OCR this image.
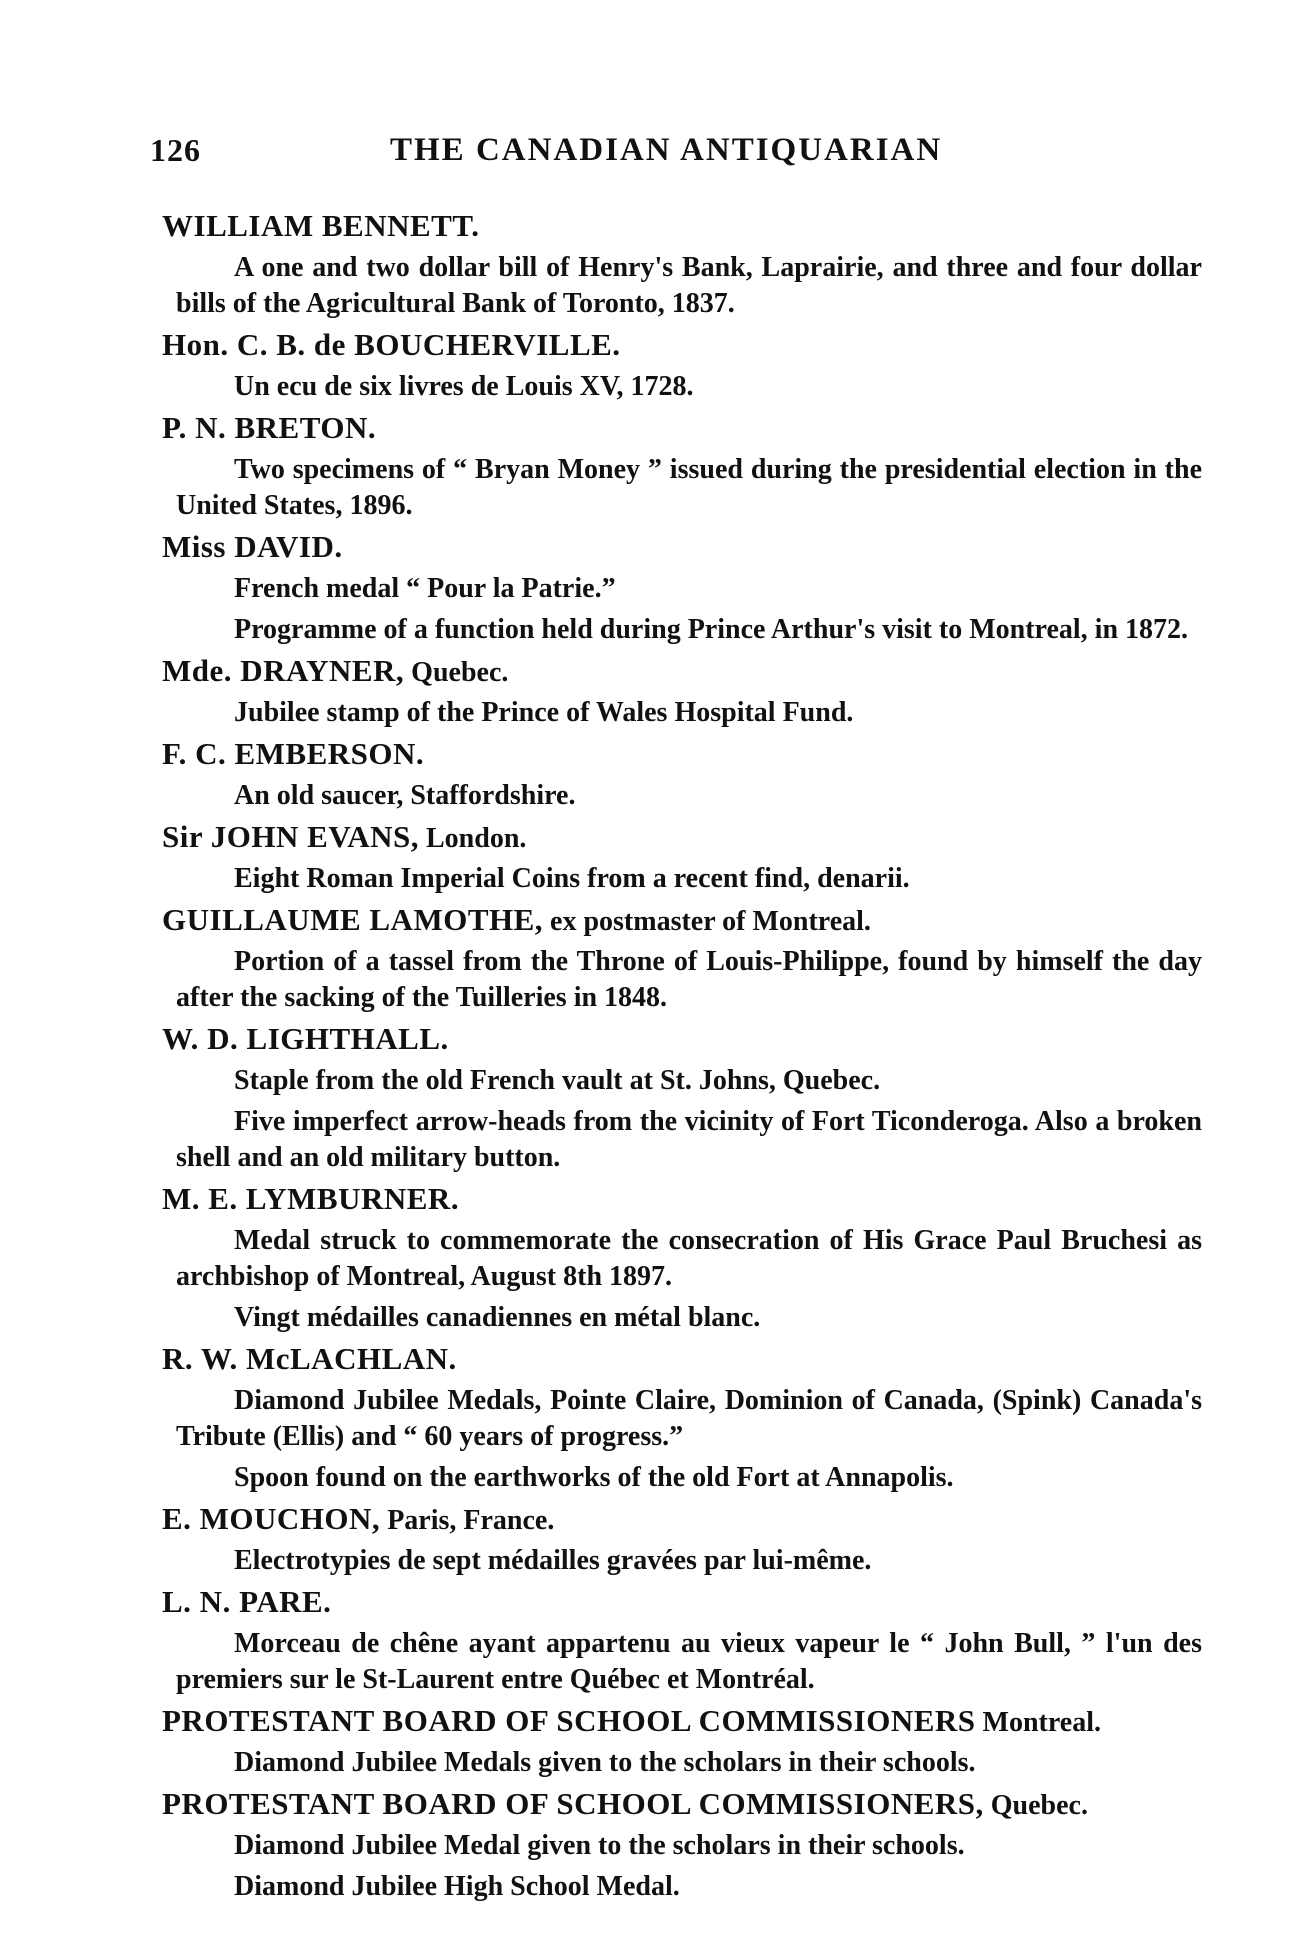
126	THE CANADIAN ANTIQUARIAN
WILLIAM BENNETT.
A one and two dollar bill of Henry's Bank, Laprairie, and three and four dollar bills of the Agricultural Bank of Toronto, 1837.
Hon. C. B. de BOUCHERVILLE.
Un ecu de six livres de Louis XV, 1728.
P. N. BRETON.
Two specimens of “ Bryan Money ” issued during the presidential election in the United States, 1896.
Miss DAVID.
French medal “ Pour la Patrie.”
Programme of a function held during Prince Arthur's visit to Montreal, in 1872.
Mde. DRAYNER, Quebec.
Jubilee stamp of the Prince of Wales Hospital Fund.
F. C. EMBERSON.
An old saucer, Staffordshire.
Sir JOHN EVANS, London.
Eight Roman Imperial Coins from a recent find, denarii.
GUILLAUME LAMOTHE, ex postmaster of Montreal.
Portion of a tassel from the Throne of Louis-Philippe, found by himself the day after the sacking of the Tuilleries in 1848.
W. D. LIGHTHALL.
Staple from the old French vault at St. Johns, Quebec.
Five imperfect arrow-heads from the vicinity of Fort Ticonderoga. Also a broken shell and an old military button.
M. E. LYMBURNER.
Medal struck to commemorate the consecration of His Grace Paul Bruchesi as archbishop of Montreal, August 8th 1897.
Vingt médailles canadiennes en métal blanc.
R. W. McLACHLAN.
Diamond Jubilee Medals, Pointe Claire, Dominion of Canada, (Spink) Canada's Tribute (Ellis) and “ 60 years of progress.”
Spoon found on the earthworks of the old Fort at Annapolis.
E. MOUCHON, Paris, France.
Electrotypies de sept médailles gravées par lui-même.
L. N. PARE.
Morceau de chêne ayant appartenu au vieux vapeur le “ John Bull, ” l'un des premiers sur le St-Laurent entre Québec et Montréal.
PROTESTANT BOARD OF SCHOOL COMMISSIONERS Montreal.
Diamond Jubilee Medals given to the scholars in their schools.
PROTESTANT BOARD OF SCHOOL COMMISSIONERS, Quebec.
Diamond Jubilee Medal given to the scholars in their schools.
Diamond Jubilee High School Medal.
